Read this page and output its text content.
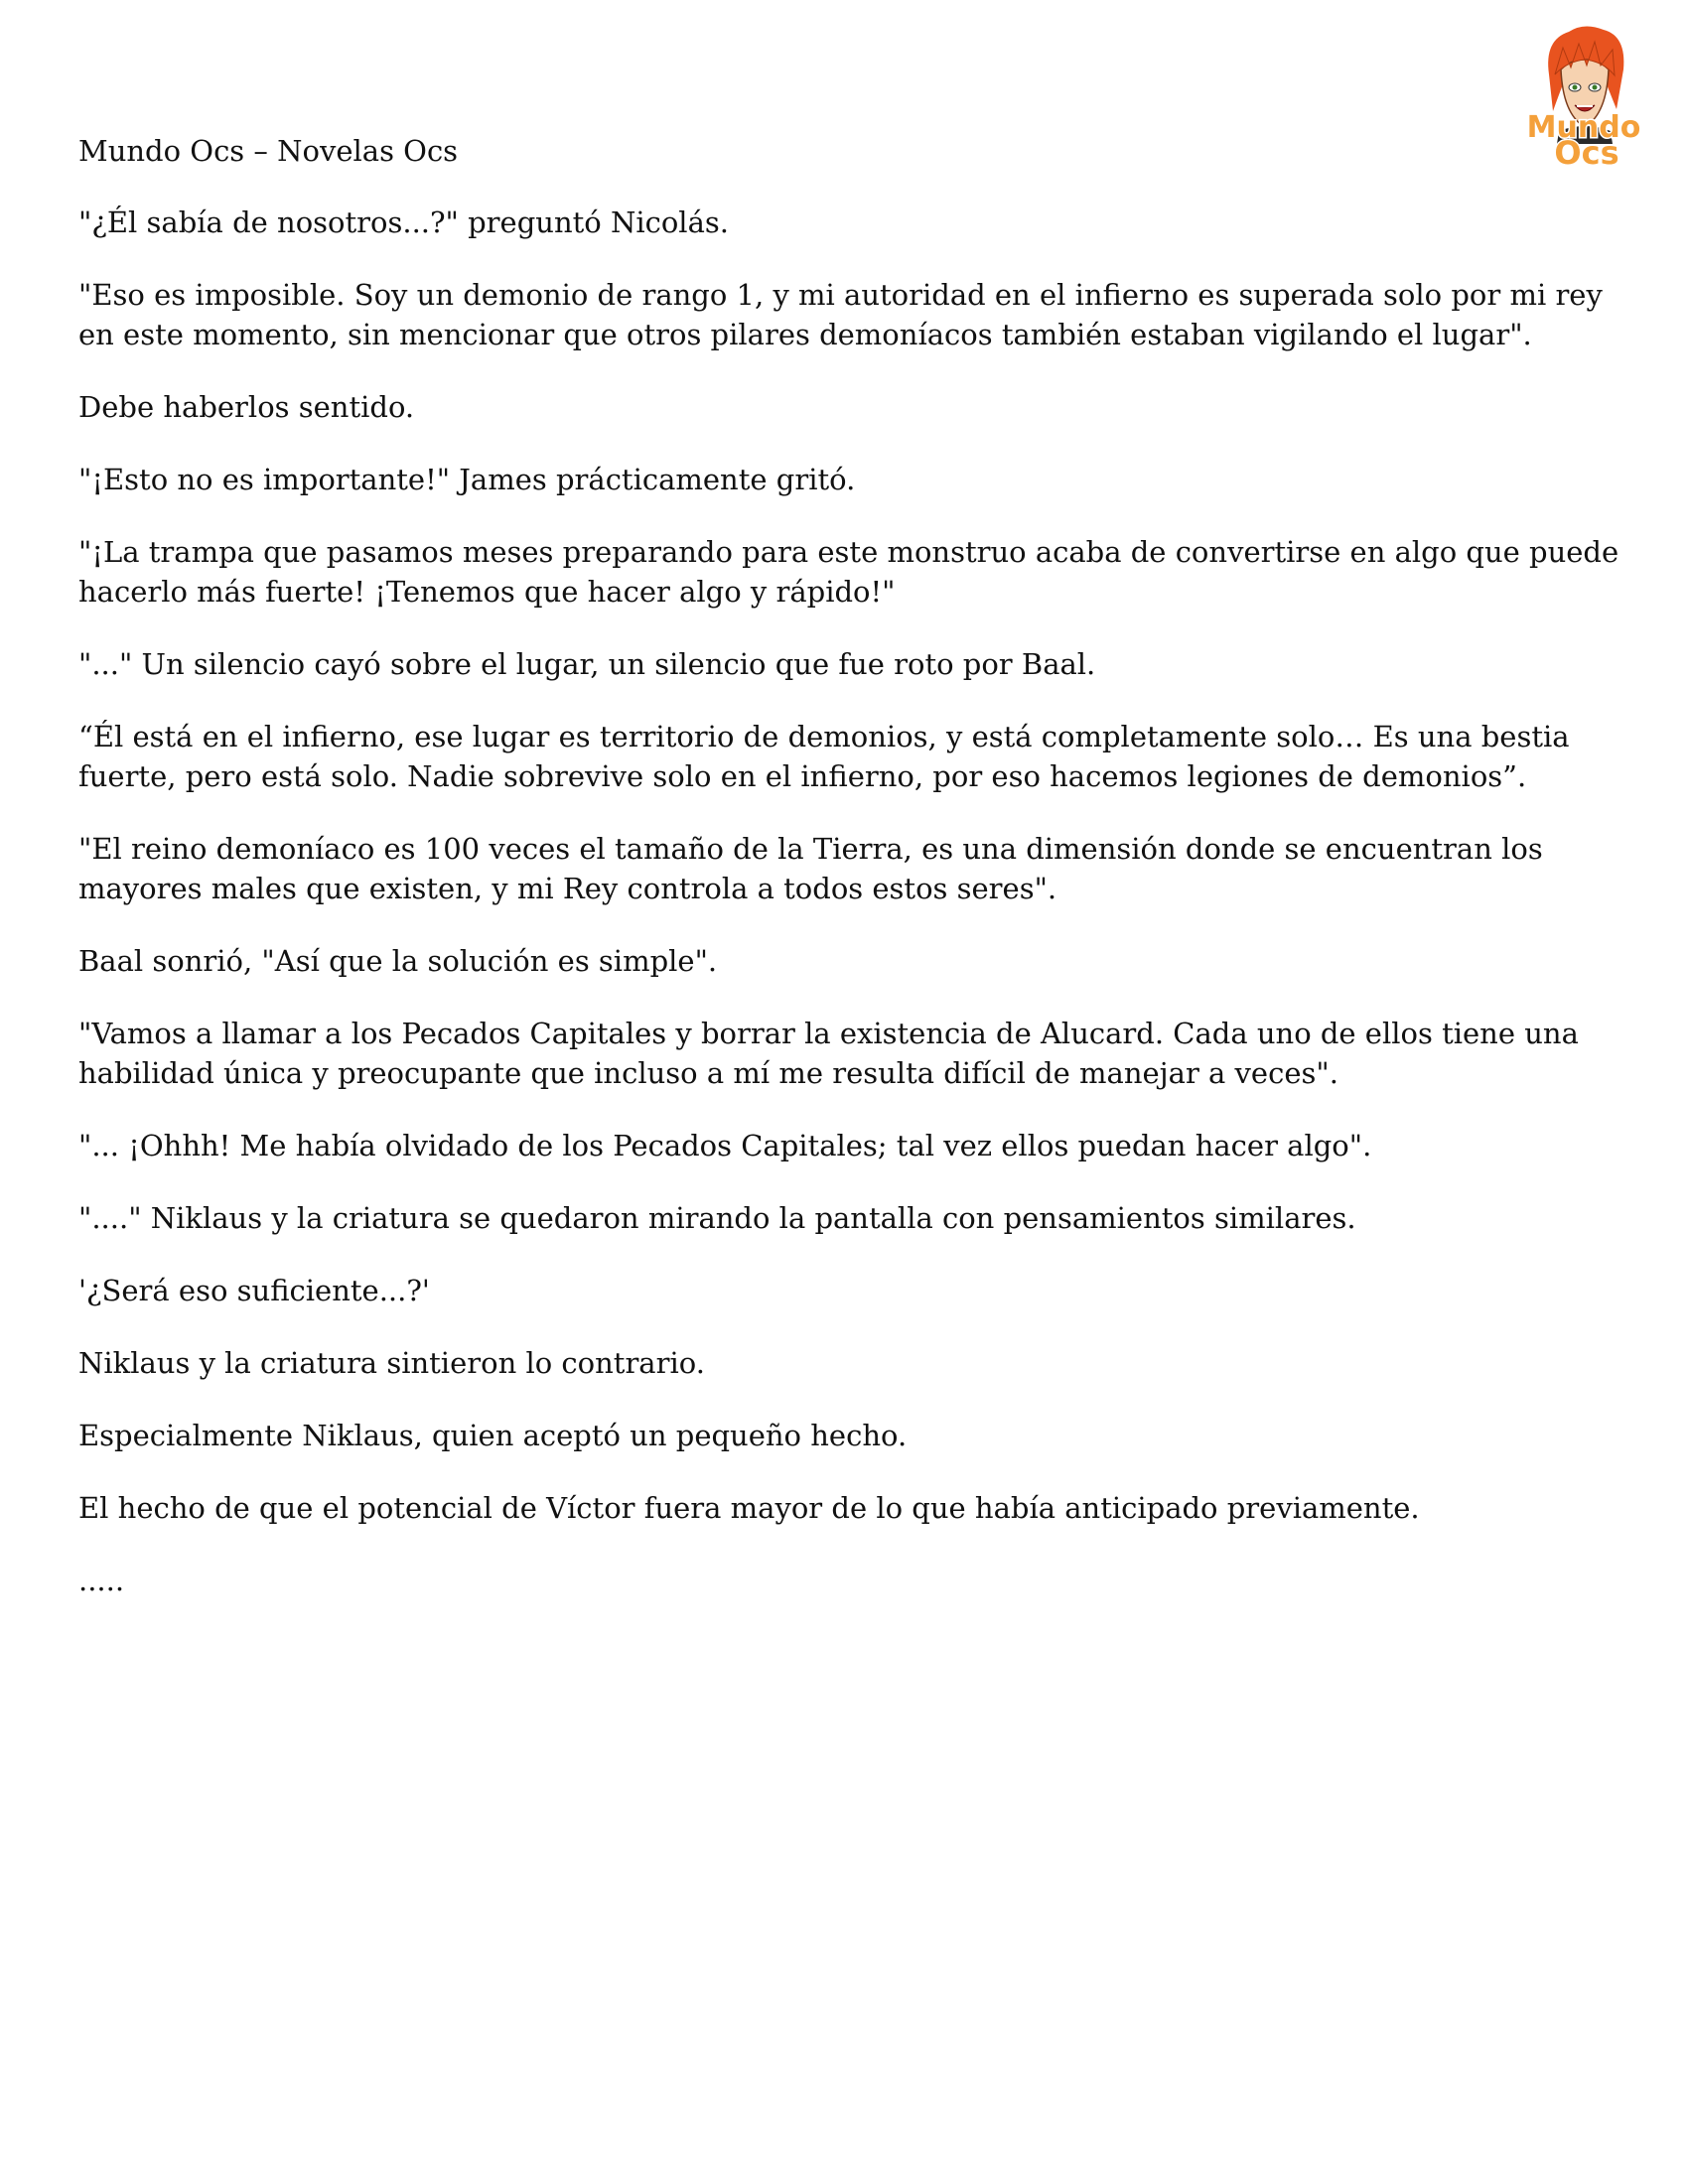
Mundo
Ocs

Mundo Ocs – Novelas Ocs

"¿Él sabía de nosotros...?" preguntó Nicolás.

"Eso es imposible. Soy un demonio de rango 1, y mi autoridad en el infierno es superada solo por mi rey en este momento, sin mencionar que otros pilares demoníacos también estaban vigilando el lugar".

Debe haberlos sentido.

"¡Esto no es importante!" James prácticamente gritó.

"¡La trampa que pasamos meses preparando para este monstruo acaba de convertirse en algo que puede hacerlo más fuerte! ¡Tenemos que hacer algo y rápido!"

"..." Un silencio cayó sobre el lugar, un silencio que fue roto por Baal.

“Él está en el infierno, ese lugar es territorio de demonios, y está completamente solo… Es una bestia fuerte, pero está solo. Nadie sobrevive solo en el infierno, por eso hacemos legiones de demonios”.

"El reino demoníaco es 100 veces el tamaño de la Tierra, es una dimensión donde se encuentran los mayores males que existen, y mi Rey controla a todos estos seres".

Baal sonrió, "Así que la solución es simple".

"Vamos a llamar a los Pecados Capitales y borrar la existencia de Alucard. Cada uno de ellos tiene una habilidad única y preocupante que incluso a mí me resulta difícil de manejar a veces".

"... ¡Ohhh! Me había olvidado de los Pecados Capitales; tal vez ellos puedan hacer algo".

"...." Niklaus y la criatura se quedaron mirando la pantalla con pensamientos similares.

'¿Será eso suficiente...?'

Niklaus y la criatura sintieron lo contrario.

Especialmente Niklaus, quien aceptó un pequeño hecho.

El hecho de que el potencial de Víctor fuera mayor de lo que había anticipado previamente.

.....
